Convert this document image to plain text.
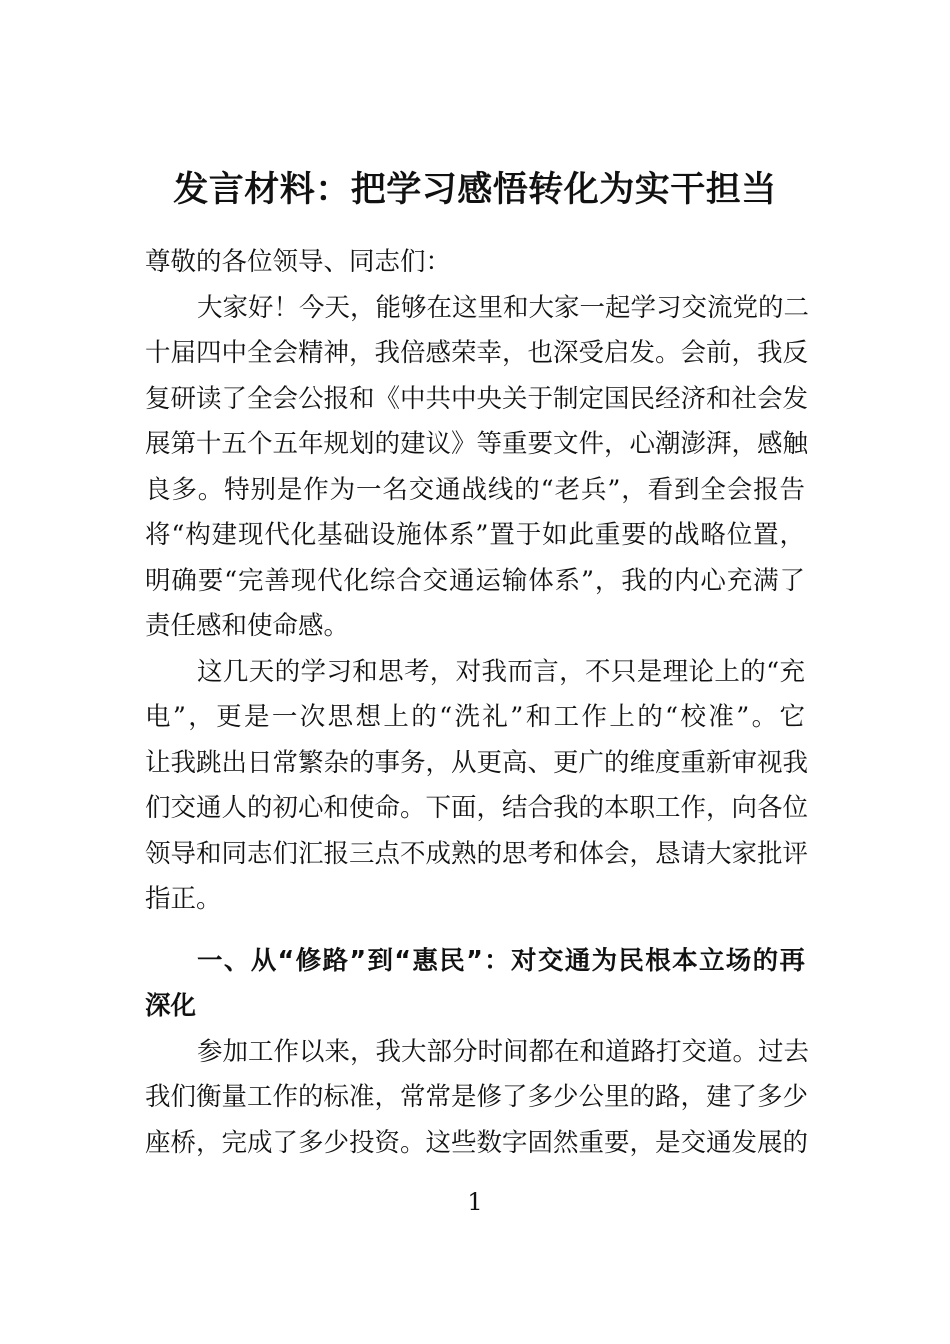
发言材料：把学习感悟转化为实干担当
尊敬的各位领导、同志们：
大家好！今天，能够在这里和大家一起学习交流党的二
十届四中全会精神，我倍感荣幸，也深受启发。会前，我反
复研读了全会公报和《中共中央关于制定国民经济和社会发
展第十五个五年规划的建议》等重要文件，心潮澎湃，感触
良多。特别是作为一名交通战线的“老兵”，看到全会报告
将“构建现代化基础设施体系”置于如此重要的战略位置，
明确要“完善现代化综合交通运输体系”，我的内心充满了
责任感和使命感。
这几天的学习和思考，对我而言，不只是理论上的“充
电”，更是一次思想上的“洗礼”和工作上的“校准”。它
让我跳出日常繁杂的事务，从更高、更广的维度重新审视我
们交通人的初心和使命。下面，结合我的本职工作，向各位
领导和同志们汇报三点不成熟的思考和体会，恳请大家批评
指正。
一、从“修路”到“惠民”：对交通为民根本立场的再
深化
参加工作以来，我大部分时间都在和道路打交道。过去
我们衡量工作的标准，常常是修了多少公里的路，建了多少
座桥，完成了多少投资。这些数字固然重要，是交通发展的
1
